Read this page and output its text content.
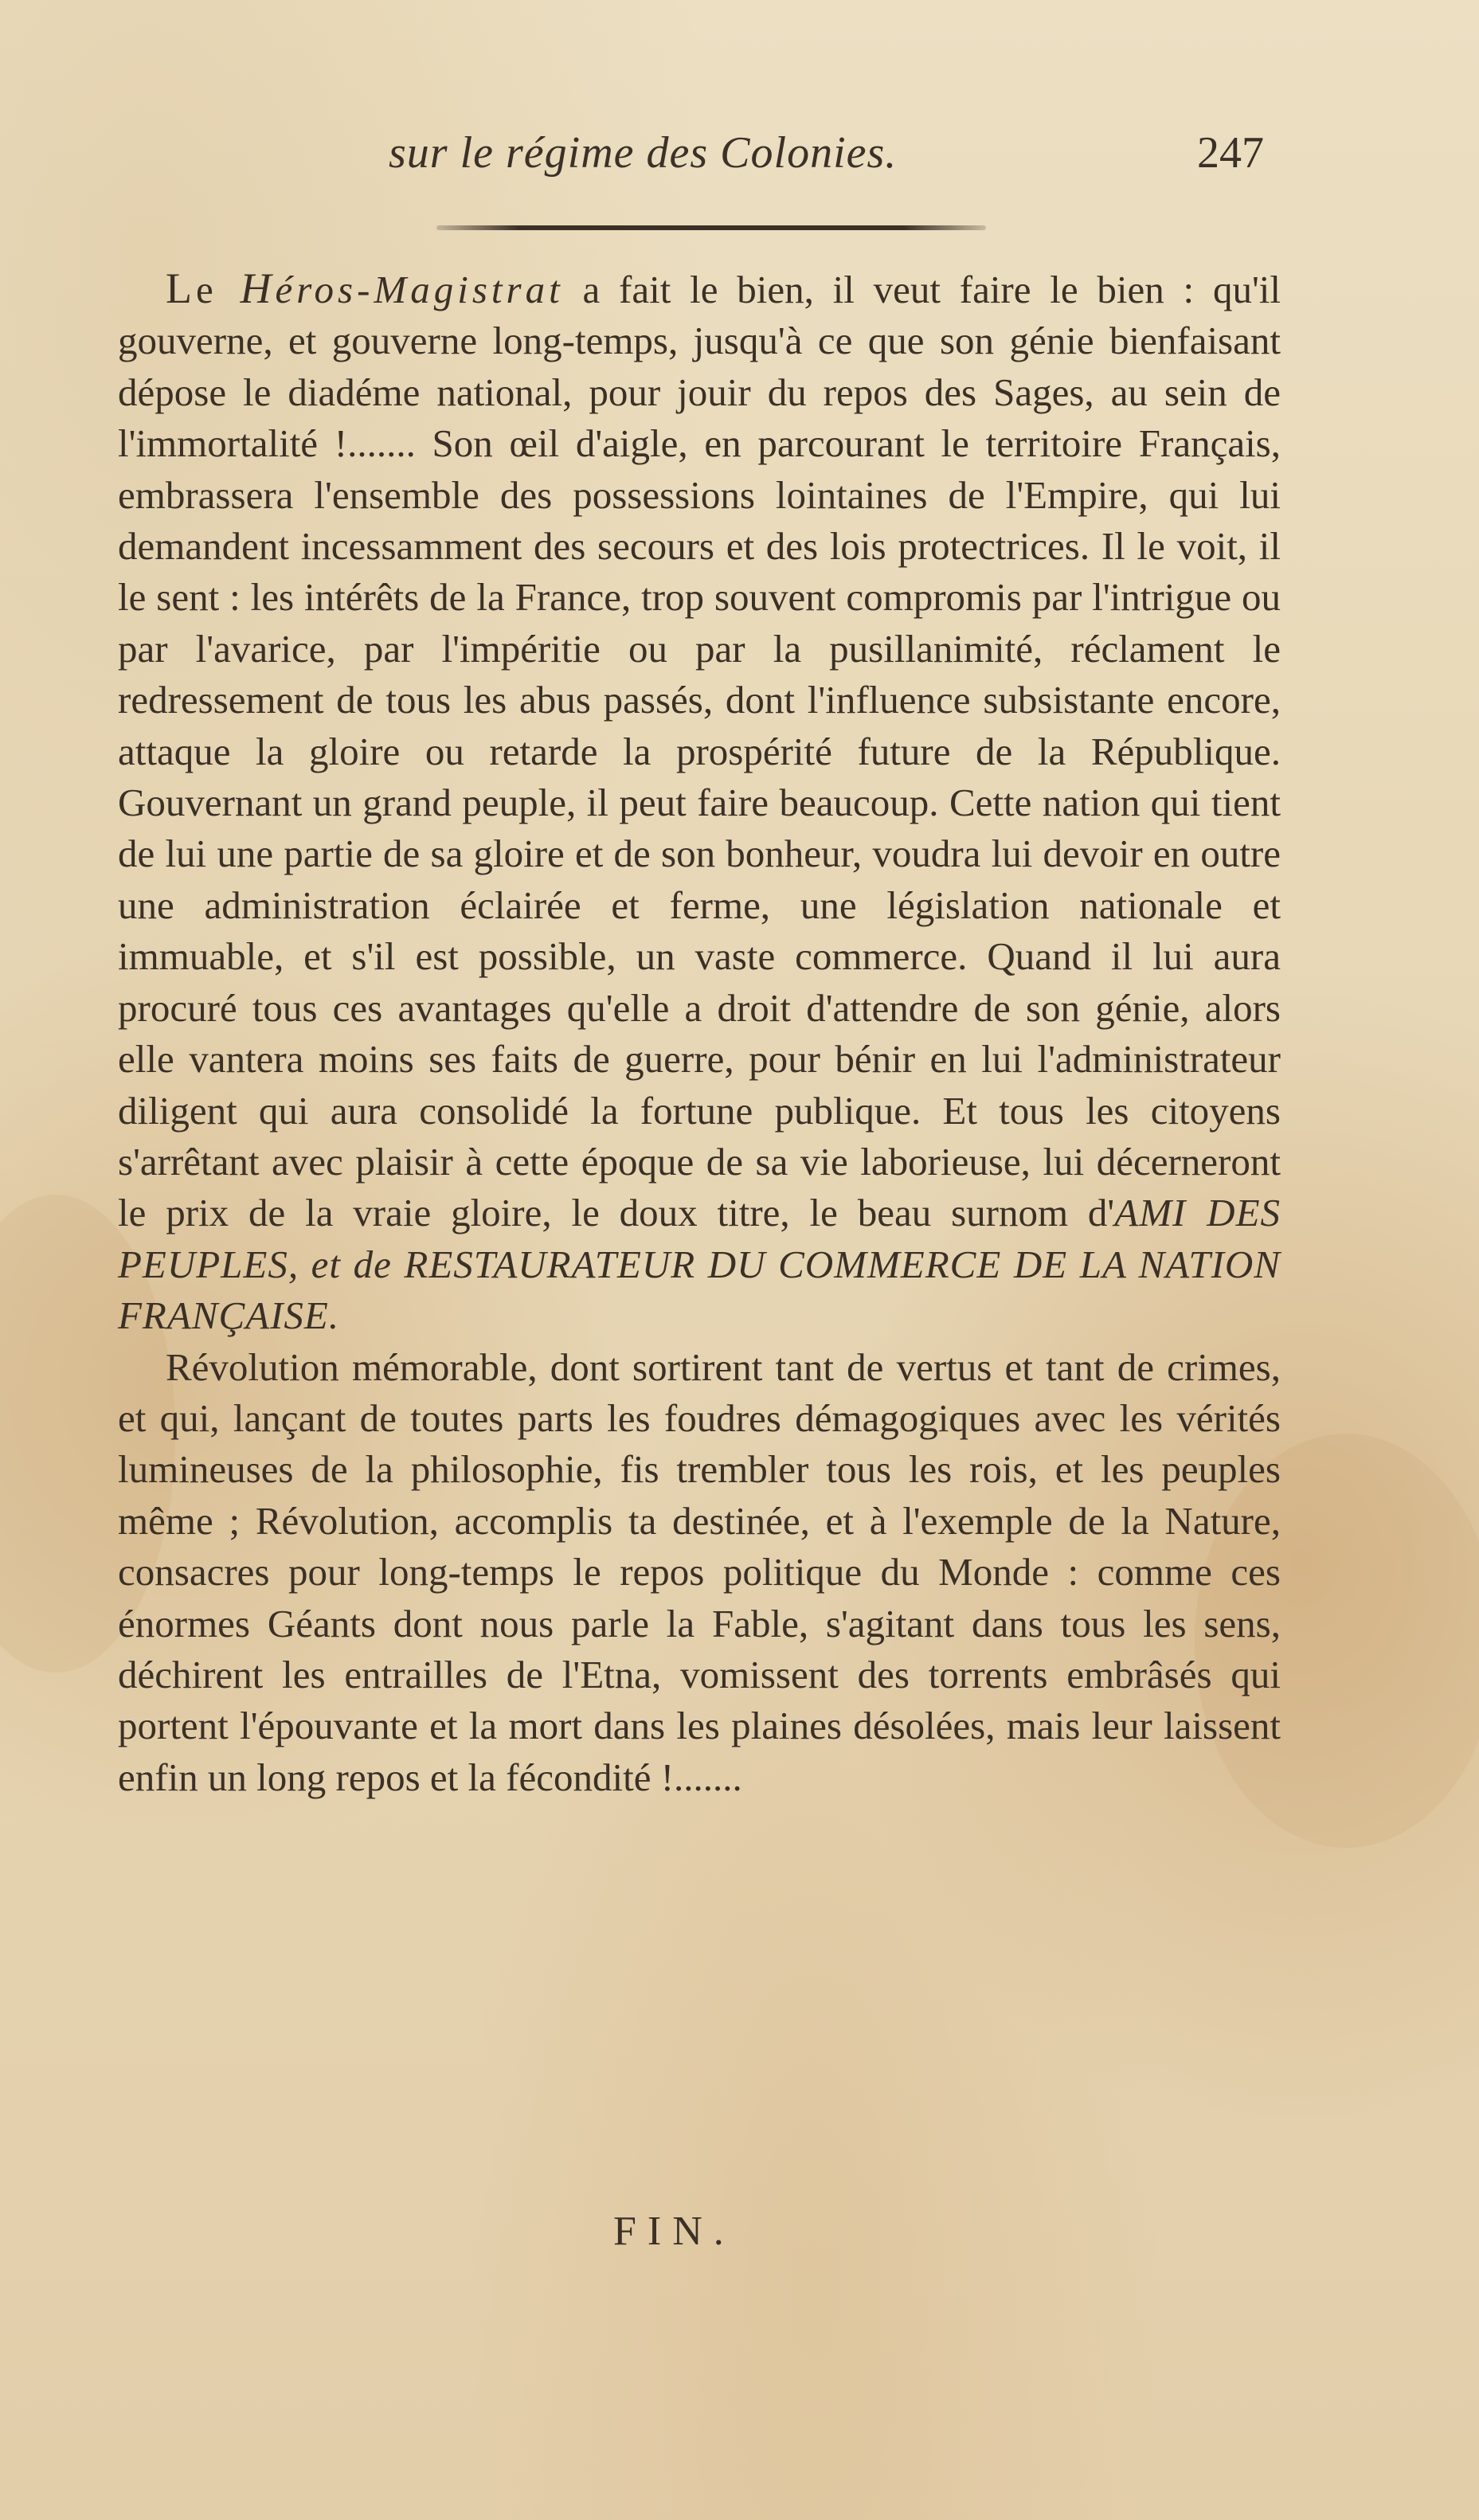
sur le régime des Colonies.	247

Le Héros-Magistrat a fait le bien, il veut faire le bien : qu'il gouverne, et gouverne long-temps, jusqu'à ce que son génie bienfaisant dépose le diadéme national, pour jouir du repos des Sages, au sein de l'immortalité !....... Son œil d'aigle, en parcourant le territoire Français, embrassera l'ensemble des possessions lointaines de l'Empire, qui lui demandent incessamment des secours et des lois protectrices. Il le voit, il le sent : les intérêts de la France, trop souvent compromis par l'intrigue ou par l'avarice, par l'impéritie ou par la pusillanimité, réclament le redressement de tous les abus passés, dont l'influence subsistante encore, attaque la gloire ou retarde la prospérité future de la République. Gouvernant un grand peuple, il peut faire beaucoup. Cette nation qui tient de lui une partie de sa gloire et de son bonheur, voudra lui devoir en outre une administration éclairée et ferme, une législation nationale et immuable, et s'il est possible, un vaste commerce. Quand il lui aura procuré tous ces avantages qu'elle a droit d'attendre de son génie, alors elle vantera moins ses faits de guerre, pour bénir en lui l'administrateur diligent qui aura consolidé la fortune publique. Et tous les citoyens s'arrêtant avec plaisir à cette époque de sa vie laborieuse, lui décerneront le prix de la vraie gloire, le doux titre, le beau surnom d'AMI DES PEUPLES, et de RESTAURATEUR DU COMMERCE DE LA NATION FRANÇAISE.

Révolution mémorable, dont sortirent tant de vertus et tant de crimes, et qui, lançant de toutes parts les foudres démagogiques avec les vérités lumineuses de la philosophie, fis trembler tous les rois, et les peuples même ; Révolution, accomplis ta destinée, et à l'exemple de la Nature, consacres pour long-temps le repos politique du Monde : comme ces énormes Géants dont nous parle la Fable, s'agitant dans tous les sens, déchirent les entrailles de l'Etna, vomissent des torrents embrâsés qui portent l'épouvante et la mort dans les plaines désolées, mais leur laissent enfin un long repos et la fécondité !.......

FIN.
